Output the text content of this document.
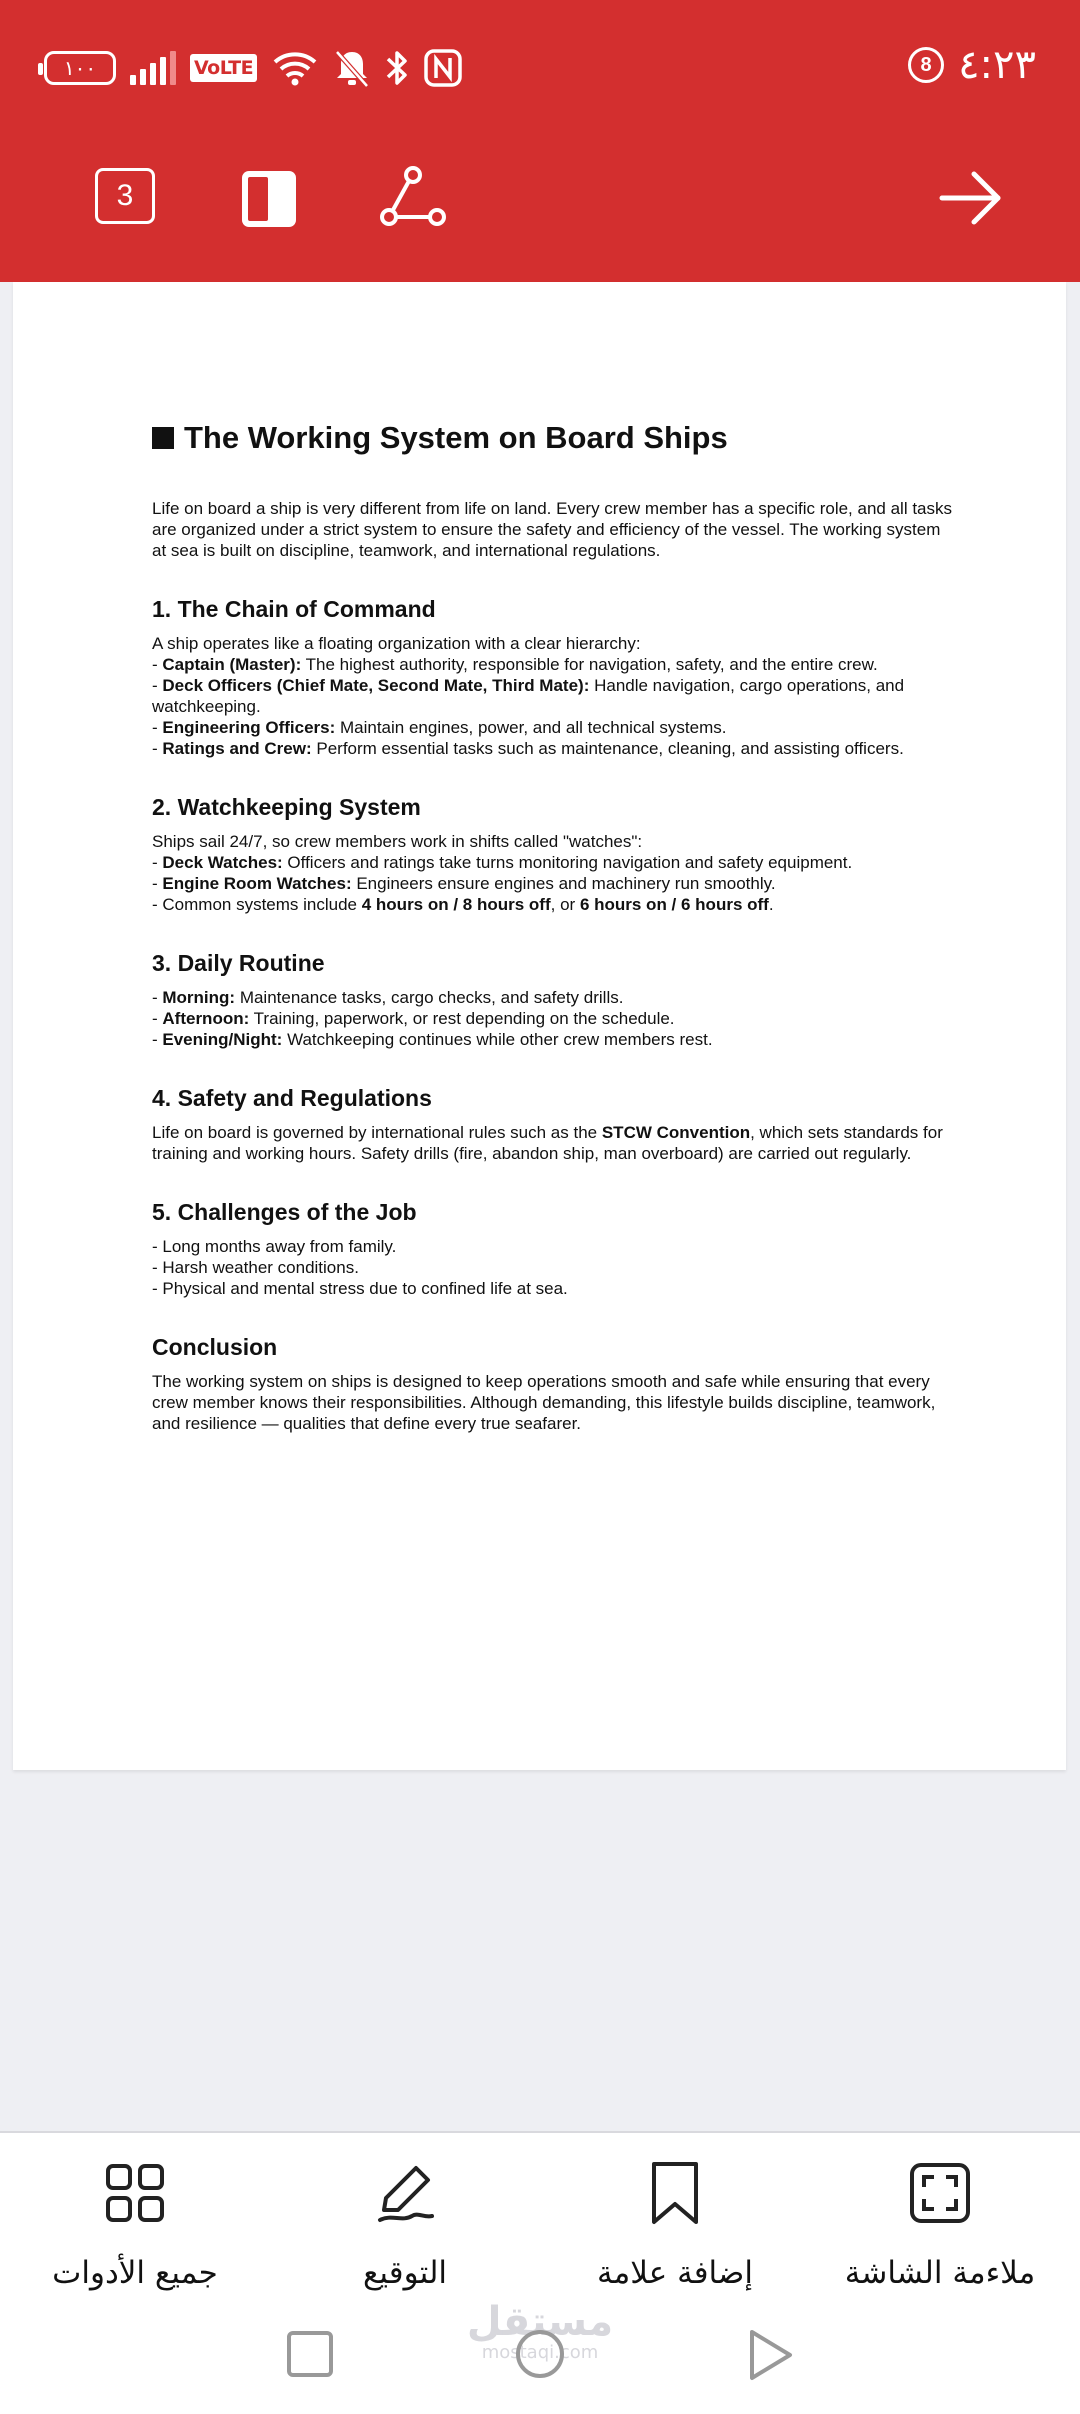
١٠٠	VoLTE	8 ٤:٢٣
3
The Working System on Board Ships

Life on board a ship is very different from life on land. Every crew member has a specific role, and all tasks are organized under a strict system to ensure the safety and efficiency of the vessel. The working system at sea is built on discipline, teamwork, and international regulations.

1. The Chain of Command

A ship operates like a floating organization with a clear hierarchy:

- Captain (Master): The highest authority, responsible for navigation, safety, and the entire crew.

- Deck Officers (Chief Mate, Second Mate, Third Mate): Handle navigation, cargo operations, and watchkeeping.

- Engineering Officers: Maintain engines, power, and all technical systems.

- Ratings and Crew: Perform essential tasks such as maintenance, cleaning, and assisting officers.

2. Watchkeeping System

Ships sail 24/7, so crew members work in shifts called "watches":

- Deck Watches: Officers and ratings take turns monitoring navigation and safety equipment.

- Engine Room Watches: Engineers ensure engines and machinery run smoothly.

- Common systems include 4 hours on / 8 hours off, or 6 hours on / 6 hours off.

3. Daily Routine

- Morning: Maintenance tasks, cargo checks, and safety drills.

- Afternoon: Training, paperwork, or rest depending on the schedule.

- Evening/Night: Watchkeeping continues while other crew members rest.

4. Safety and Regulations

Life on board is governed by international rules such as the STCW Convention, which sets standards for training and working hours. Safety drills (fire, abandon ship, man overboard) are carried out regularly.

5. Challenges of the Job

- Long months away from family.

- Harsh weather conditions.

- Physical and mental stress due to confined life at sea.

Conclusion

The working system on ships is designed to keep operations smooth and safe while ensuring that every crew member knows their responsibilities. Although demanding, this lifestyle builds discipline, teamwork, and resilience — qualities that define every true seafarer.

ملاءمة الشاشة
إضافة علامة
التوقيع
جميع الأدوات
مستقل
mostaqi.com
